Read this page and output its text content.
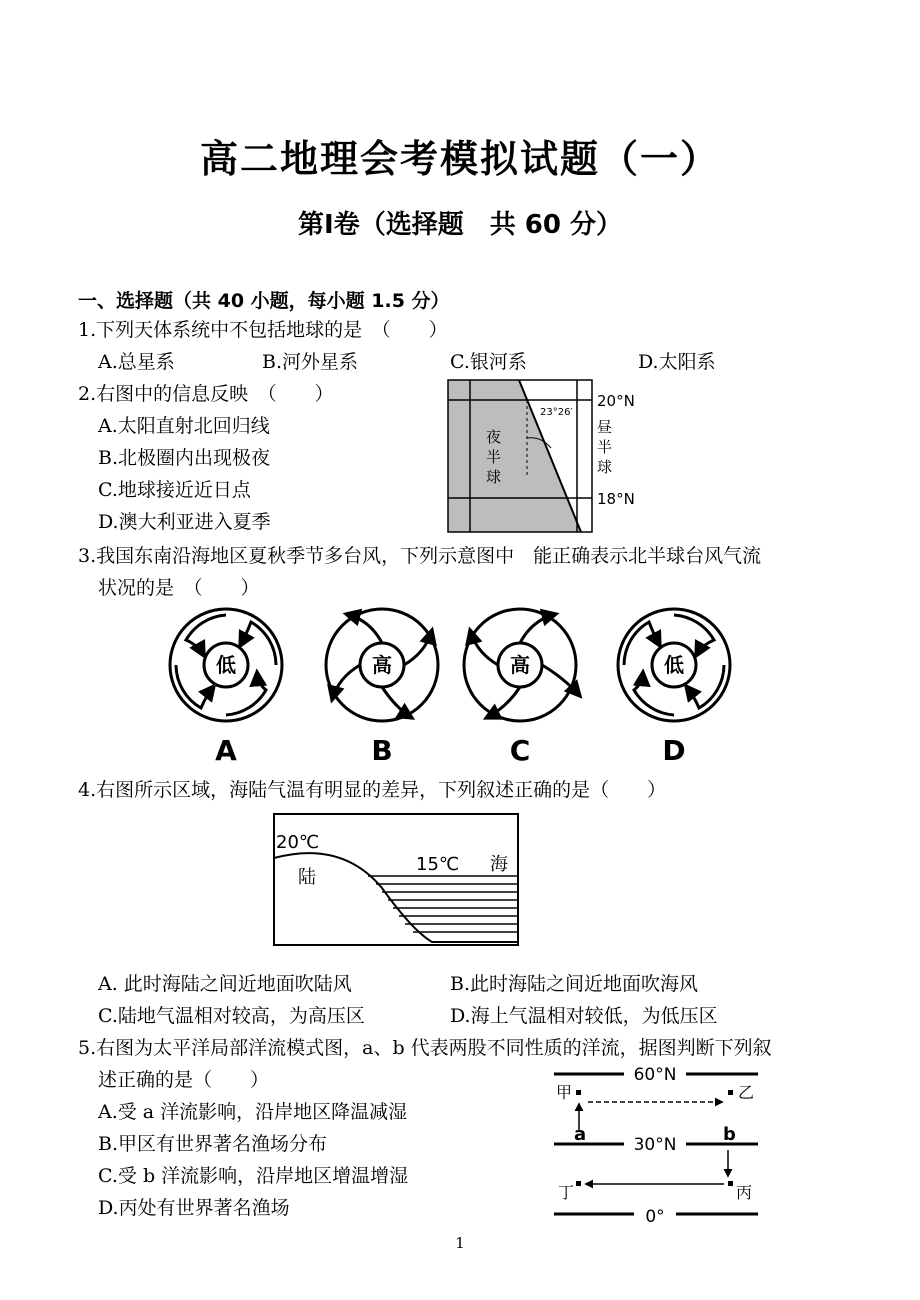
高二地理会考模拟试题（一）
第I卷（选择题　共 60 分）
一、选择题（共 40 小题，每小题 1.5 分）
1.下列天体系统中不包括地球的是　（　　）
A.总星系	B.河外星系	C.银河系	D.太阳系
2.右图中的信息反映　（　　）
A.太阳直射北回归线
B.北极圈内出现极夜
C.地球接近近日点
D.澳大利亚进入夏季
23°26′
夜
半
球
20°N
18°N
昼
半
球
3.我国东南沿海地区夏秋季节多台风，下列示意图中　能正确表示北半球台风气流
状况的是　（　　）
低
A
高
B
高
C
低
D
4.右图所示区域，海陆气温有明显的差异，下列叙述正确的是（　　）
20℃
陆
15℃ 海
A. 此时海陆之间近地面吹陆风	B.此时海陆之间近地面吹海风
C.陆地气温相对较高，为高压区	D.海上气温相对较低，为低压区
5.右图为太平洋局部洋流模式图，a、b 代表两股不同性质的洋流，据图判断下列叙
述正确的是（　　）
A.受 a 洋流影响，沿岸地区降温减湿
B.甲区有世界著名渔场分布
C.受 b 洋流影响，沿岸地区增温增湿
D.丙处有世界著名渔场
60°N
30°N
0°
甲	乙
丙
丁
a	b
1
